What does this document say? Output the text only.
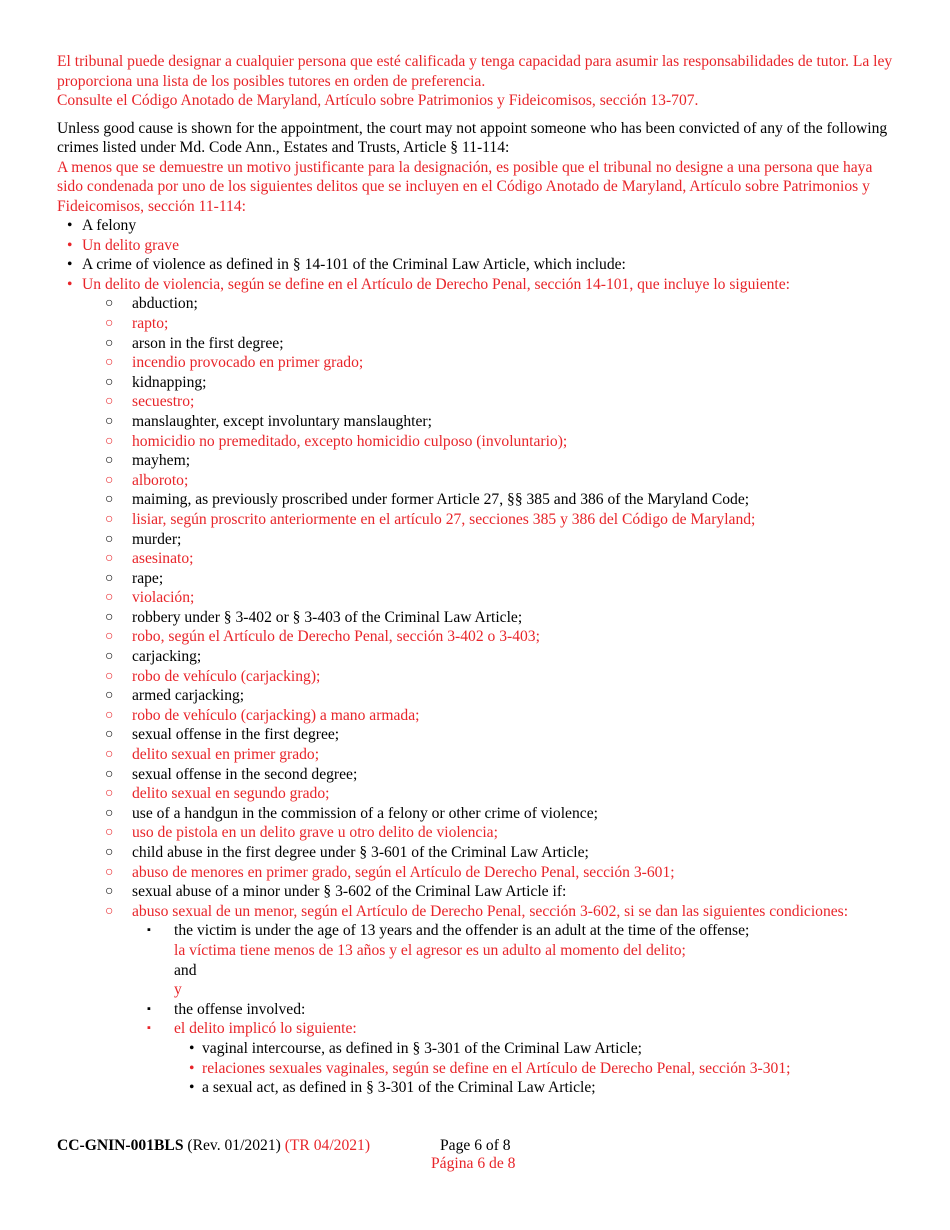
El tribunal puede designar a cualquier persona que esté calificada y tenga capacidad para asumir las responsabilidades de tutor. La ley proporciona una lista de los posibles tutores en orden de preferencia.

Consulte el Código Anotado de Maryland, Artículo sobre Patrimonios y Fideicomisos, sección 13-707.

Unless good cause is shown for the appointment, the court may not appoint someone who has been convicted of any of the following crimes listed under Md. Code Ann., Estates and Trusts, Article § 11-114:

A menos que se demuestre un motivo justificante para la designación, es posible que el tribunal no designe a una persona que haya sido condenada por uno de los siguientes delitos que se incluyen en el Código Anotado de Maryland, Artículo sobre Patrimonios y Fideicomisos, sección 11-114:

• A felony
• Un delito grave
• A crime of violence as defined in § 14-101 of the Criminal Law Article, which include:
• Un delito de violencia, según se define en el Artículo de Derecho Penal, sección 14-101, que incluye lo siguiente:
○ abduction;
○ rapto;
○ arson in the first degree;
○ incendio provocado en primer grado;
○ kidnapping;
○ secuestro;
○ manslaughter, except involuntary manslaughter;
○ homicidio no premeditado, excepto homicidio culposo (involuntario);
○ mayhem;
○ alboroto;
○ maiming, as previously proscribed under former Article 27, §§ 385 and 386 of the Maryland Code;
○ lisiar, según proscrito anteriormente en el artículo 27, secciones 385 y 386 del Código de Maryland;
○ murder;
○ asesinato;
○ rape;
○ violación;
○ robbery under § 3-402 or § 3-403 of the Criminal Law Article;
○ robo, según el Artículo de Derecho Penal, sección 3-402 o 3-403;
○ carjacking;
○ robo de vehículo (carjacking);
○ armed carjacking;
○ robo de vehículo (carjacking) a mano armada;
○ sexual offense in the first degree;
○ delito sexual en primer grado;
○ sexual offense in the second degree;
○ delito sexual en segundo grado;
○ use of a handgun in the commission of a felony or other crime of violence;
○ uso de pistola en un delito grave u otro delito de violencia;
○ child abuse in the first degree under § 3-601 of the Criminal Law Article;
○ abuso de menores en primer grado, según el Artículo de Derecho Penal, sección 3-601;
○ sexual abuse of a minor under § 3-602 of the Criminal Law Article if:
○ abuso sexual de un menor, según el Artículo de Derecho Penal, sección 3-602, si se dan las siguientes condiciones:
▪ the victim is under the age of 13 years and the offender is an adult at the time of the offense;
la víctima tiene menos de 13 años y el agresor es un adulto al momento del delito;
and
y
▪ the offense involved:
▪ el delito implicó lo siguiente:
• vaginal intercourse, as defined in § 3-301 of the Criminal Law Article;
• relaciones sexuales vaginales, según se define en el Artículo de Derecho Penal, sección 3-301;
• a sexual act, as defined in § 3-301 of the Criminal Law Article;
CC-GNIN-001BLS (Rev. 01/2021) (TR 04/2021)	Page 6 of 8
Página 6 de 8
